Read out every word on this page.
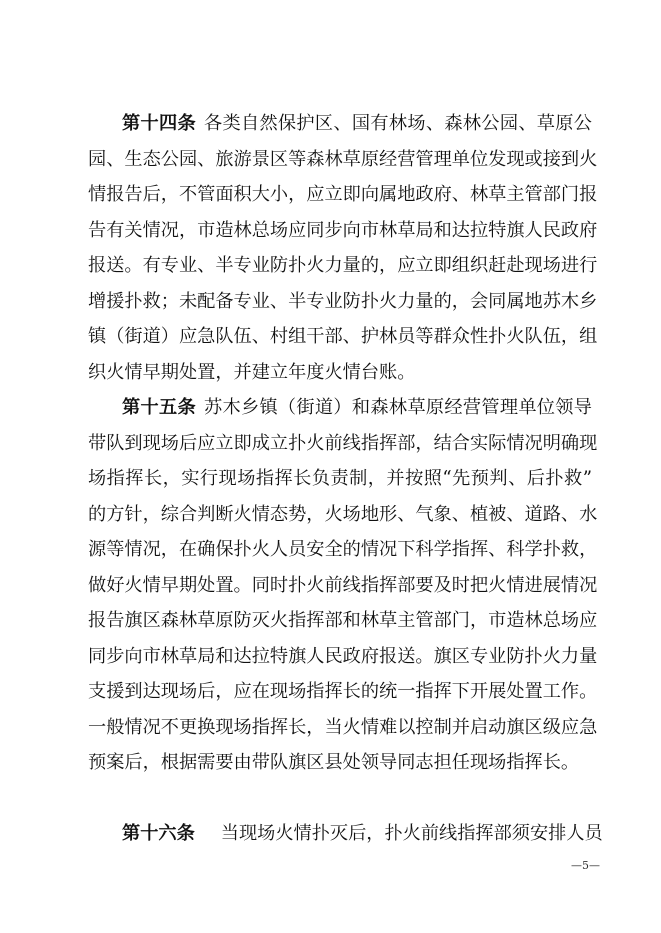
第十四条 各类自然保护区、国有林场、森林公园、草原公
园、生态公园、旅游景区等森林草原经营管理单位发现或接到火
情报告后，不管面积大小，应立即向属地政府、林草主管部门报
告有关情况，市造林总场应同步向市林草局和达拉特旗人民政府
报送。有专业、半专业防扑火力量的，应立即组织赶赴现场进行
增援扑救；未配备专业、半专业防扑火力量的，会同属地苏木乡
镇（街道）应急队伍、村组干部、护林员等群众性扑火队伍，组
织火情早期处置，并建立年度火情台账。
第十五条 苏木乡镇（街道）和森林草原经营管理单位领导
带队到现场后应立即成立扑火前线指挥部，结合实际情况明确现
场指挥长，实行现场指挥长负责制，并按照“先预判、后扑救”
的方针，综合判断火情态势，火场地形、气象、植被、道路、水
源等情况，在确保扑火人员安全的情况下科学指挥、科学扑救，
做好火情早期处置。同时扑火前线指挥部要及时把火情进展情况
报告旗区森林草原防灭火指挥部和林草主管部门，市造林总场应
同步向市林草局和达拉特旗人民政府报送。旗区专业防扑火力量
支援到达现场后，应在现场指挥长的统一指挥下开展处置工作。
一般情况不更换现场指挥长，当火情难以控制并启动旗区级应急
预案后，根据需要由带队旗区县处领导同志担任现场指挥长。
第十六条 当现场火情扑灭后，扑火前线指挥部须安排人员
—5—
